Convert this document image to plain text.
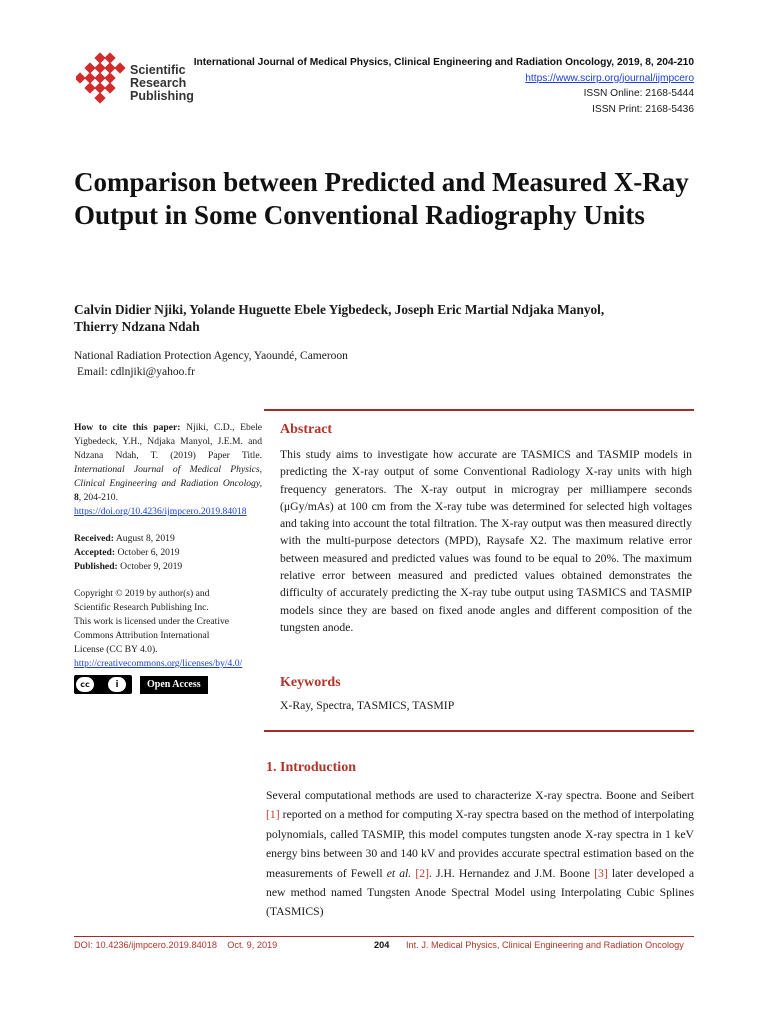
Scientific
Research
Publishing
International Journal of Medical Physics, Clinical Engineering and Radiation Oncology, 2019, 8, 204-210
https://www.scirp.org/journal/ijmpcero
ISSN Online: 2168-5444
ISSN Print: 2168-5436
Comparison between Predicted and Measured X-Ray Output in Some Conventional Radiography Units
Calvin Didier Njiki, Yolande Huguette Ebele Yigbedeck, Joseph Eric Martial Ndjaka Manyol,
Thierry Ndzana Ndah
National Radiation Protection Agency, Yaoundé, Cameroon
Email: cdlnjiki@yahoo.fr
How to cite this paper: Njiki, C.D., Ebele Yigbedeck, Y.H., Ndjaka Manyol, J.E.M. and Ndzana Ndah, T. (2019) Paper Title. International Journal of Medical Physics, Clinical Engineering and Radiation Oncology, 8, 204-210.
https://doi.org/10.4236/ijmpcero.2019.84018
Received: August 8, 2019
Accepted: October 6, 2019
Published: October 9, 2019
Copyright © 2019 by author(s) and
Scientific Research Publishing Inc.
This work is licensed under the Creative
Commons Attribution International
License (CC BY 4.0).
http://creativecommons.org/licenses/by/4.0/
cc	i	Open Access
Abstract
This study aims to investigate how accurate are TASMICS and TASMIP models in predicting the X-ray output of some Conventional Radiology X-ray units with high frequency generators. The X-ray output in microgray per milliampere seconds (μGy/mAs) at 100 cm from the X-ray tube was determined for selected high voltages and taking into account the total filtration. The X-ray output was then measured directly with the multi-purpose detectors (MPD), Raysafe X2. The maximum relative error between measured and predicted values was found to be equal to 20%. The maximum relative error between measured and predicted values obtained demonstrates the difficulty of accurately predicting the X-ray tube output using TASMICS and TASMIP models since they are based on fixed anode angles and different composition of the tungsten anode.
Keywords
X-Ray, Spectra, TASMICS, TASMIP
1. Introduction
Several computational methods are used to characterize X-ray spectra. Boone and Seibert [1] reported on a method for computing X-ray spectra based on the method of interpolating polynomials, called TASMIP, this model computes tungsten anode X-ray spectra in 1 keV energy bins between 30 and 140 kV and provides accurate spectral estimation based on the measurements of Fewell et al. [2]. J.H. Hernandez and J.M. Boone [3] later developed a new method named Tungsten Anode Spectral Model using Interpolating Cubic Splines (TASMICS)
DOI: 10.4236/ijmpcero.2019.84018    Oct. 9, 2019	204 Int. J. Medical Physics, Clinical Engineering and Radiation Oncology
